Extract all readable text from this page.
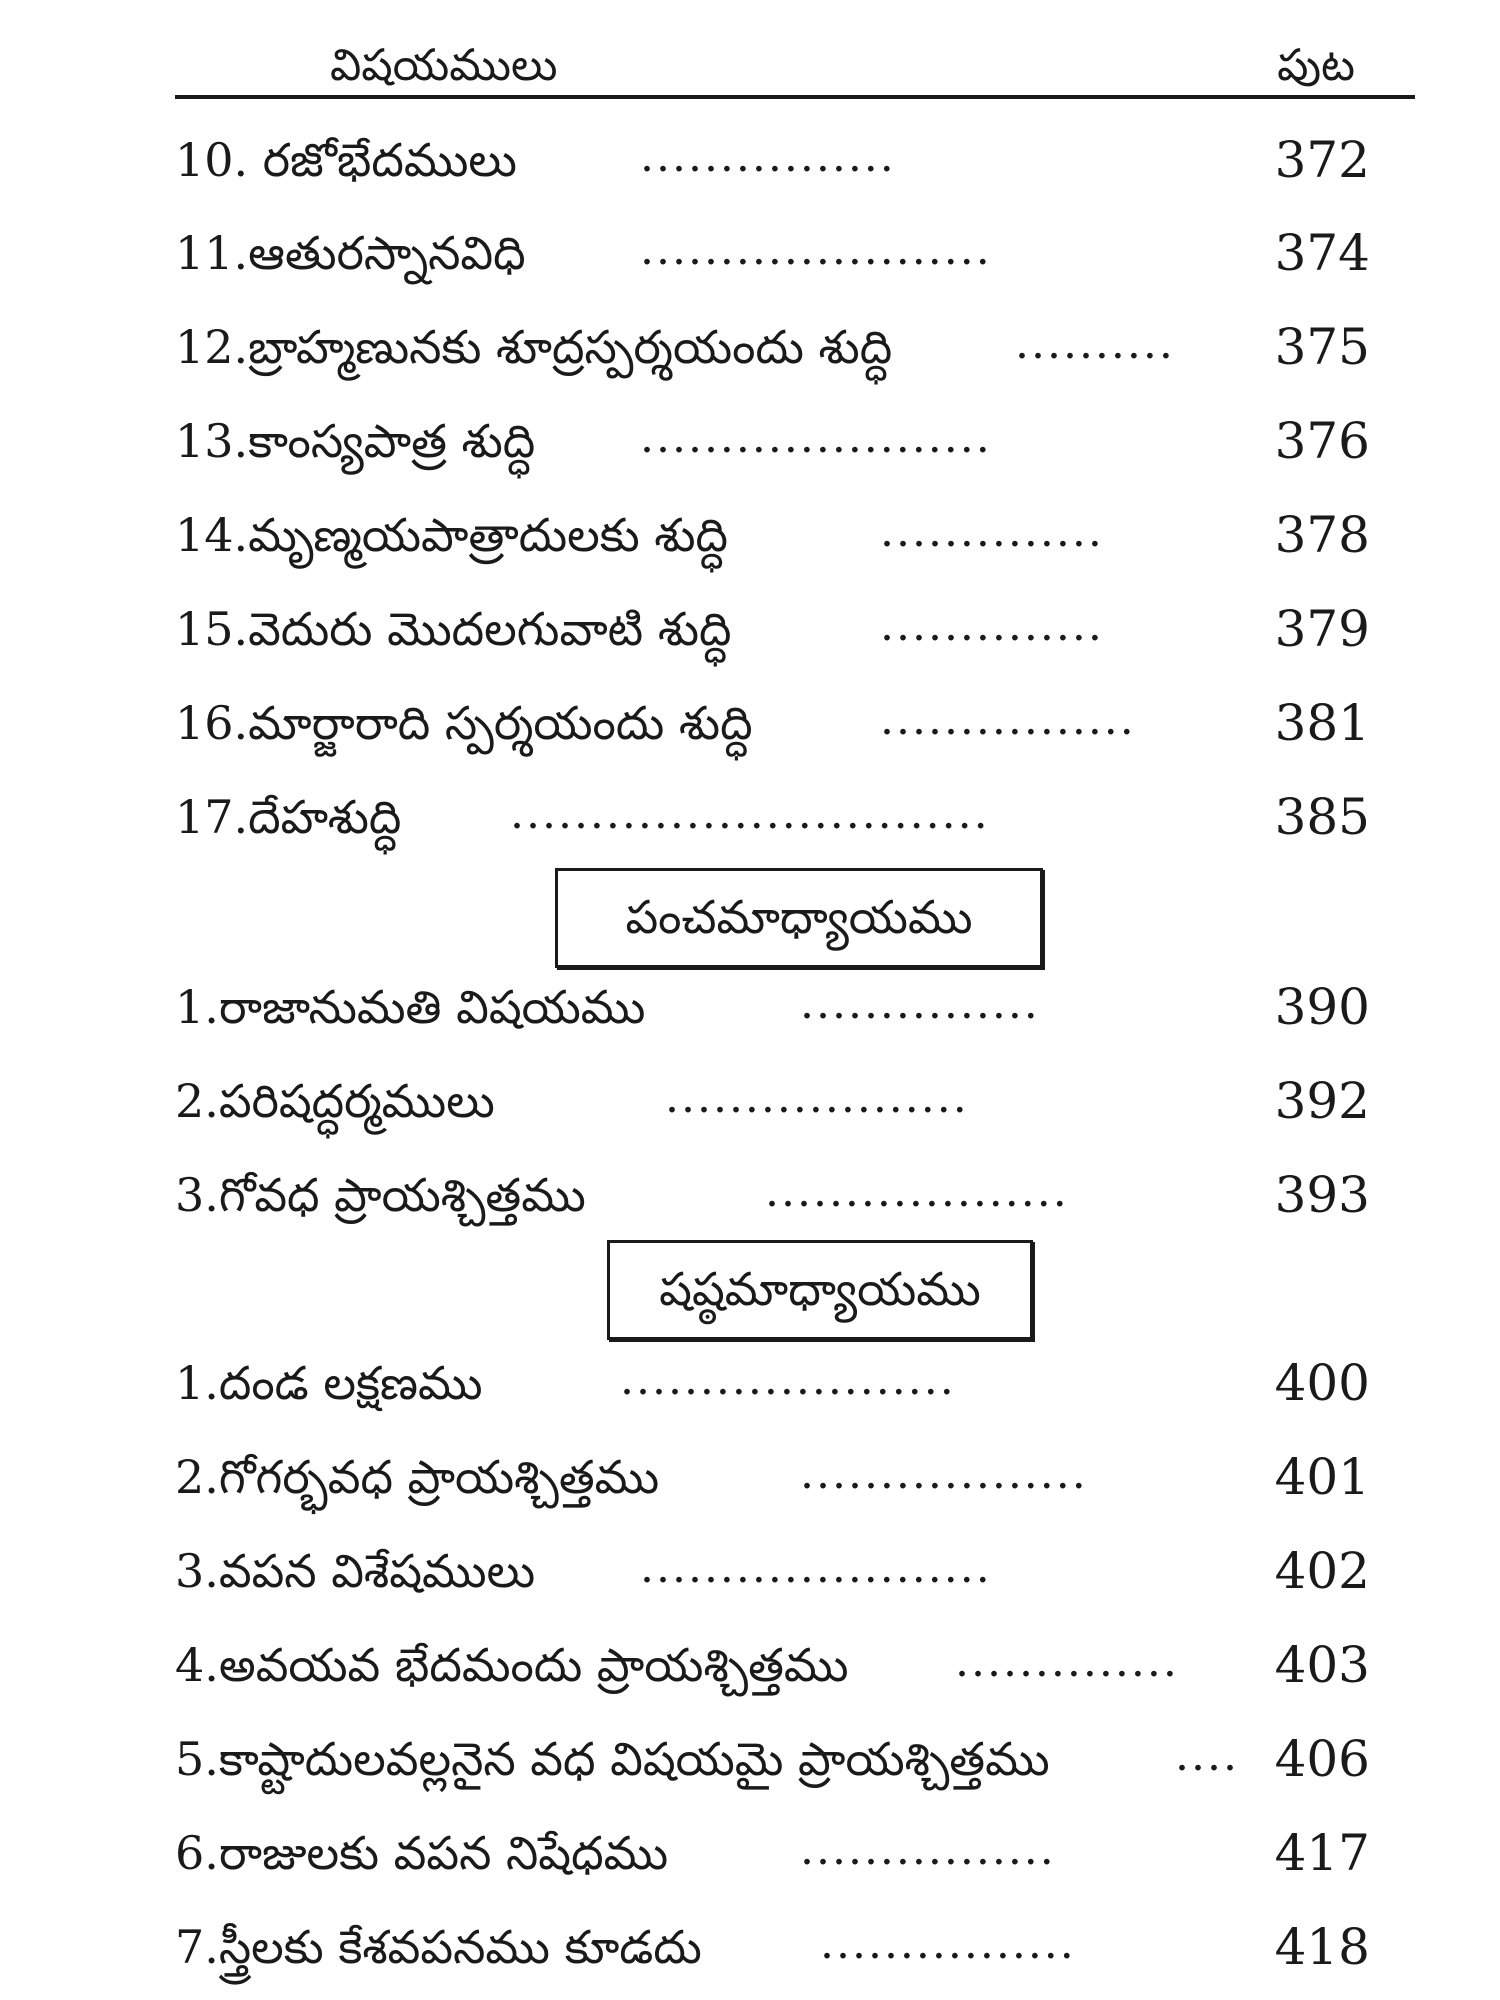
విషయములు	పుట
10. రజోభేదములు	................	372
11.ఆతురస్నానవిధి	......................	374
12.బ్రాహ్మణునకు శూద్రస్పర్శయందు శుద్ధి	.......... 375
13.కాంస్యపాత్ర శుద్ధి ......................	376
14.మృణ్మయపాత్రాదులకు శుద్ధి	..............	378
15.వెదురు మొదలగువాటి శుద్ధి	..............	379
16.మార్జారాది స్పర్శయందు శుద్ధి	................	381
17.దేహశుద్ధి ..............................	385
పంచమాధ్యాయము
1.రాజానుమతి విషయము	...............	390
2.పరిషద్ధర్మములు	...................	392
3.గోవధ ప్రాయశ్చిత్తము	...................	393
షష్ఠమాధ్యాయము
1.దండ లక్షణము	.....................	400
2.గోగర్భవధ ప్రాయశ్చిత్తము	..................	401
3.వపన విశేషములు ......................	402
4.అవయవ భేదమందు ప్రాయశ్చిత్తము .............. 403
5.కాష్టాదులవల్లనైన వధ విషయమై ప్రాయశ్చిత్తము	.... 406
6.రాజులకు వపన నిషేధము	................	417
7.స్త్రీలకు కేశవపనము కూడదు	................	418
